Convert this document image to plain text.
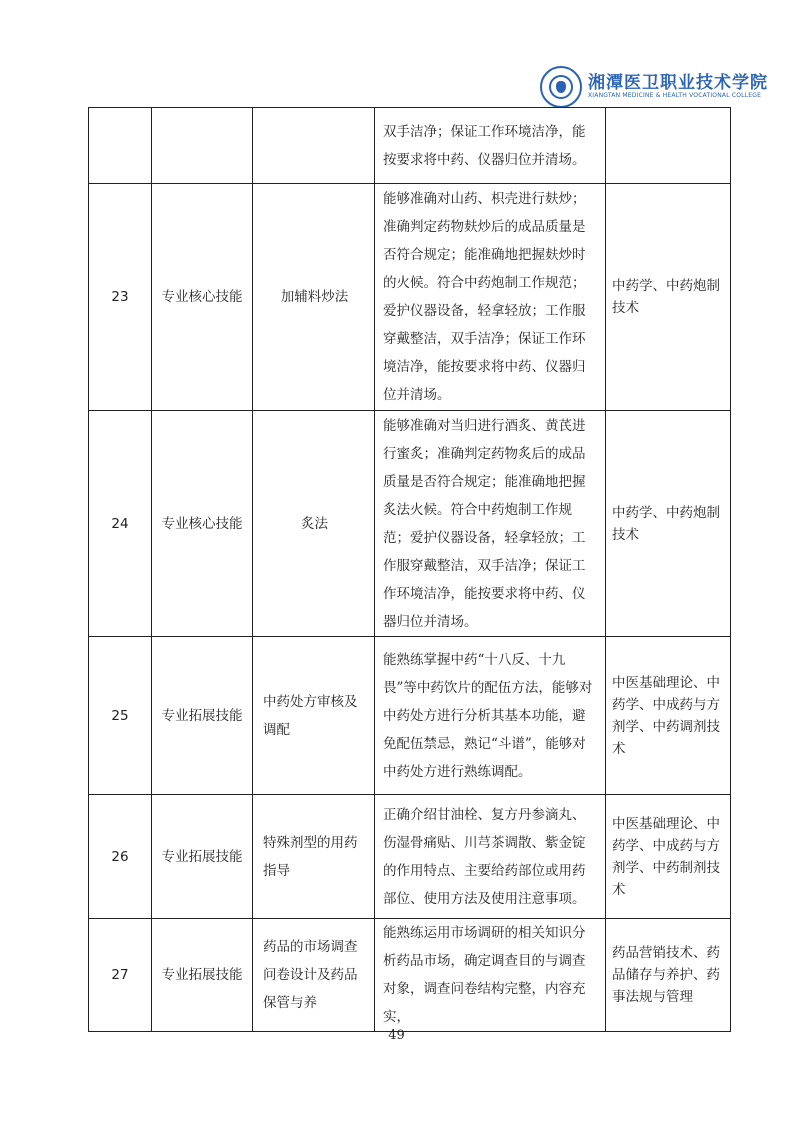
湘潭医卫职业技术学院
XIANGTAN MEDICINE & HEALTH VOCATIONAL COLLEGE
			双手洁净；保证工作环境洁净，能按要求将中药、仪器归位并清场。	
23	专业核心技能	加辅料炒法	能够准确对山药、枳壳进行麸炒；准确判定药物麸炒后的成品质量是否符合规定；能准确地把握麸炒时的火候。符合中药炮制工作规范；爱护仪器设备，轻拿轻放；工作服穿戴整洁，双手洁净；保证工作环境洁净，能按要求将中药、仪器归位并清场。	中药学、中药炮制技术
24	专业核心技能	炙法	能够准确对当归进行酒炙、黄芪进行蜜炙；准确判定药物炙后的成品质量是否符合规定；能准确地把握炙法火候。符合中药炮制工作规范；爱护仪器设备，轻拿轻放；工作服穿戴整洁，双手洁净；保证工作环境洁净，能按要求将中药、仪器归位并清场。	中药学、中药炮制技术
25	专业拓展技能	中药处方审核及调配	能熟练掌握中药“十八反、十九畏”等中药饮片的配伍方法，能够对中药处方进行分析其基本功能，避免配伍禁忌，熟记“斗谱”，能够对中药处方进行熟练调配。	中医基础理论、中药学、中成药与方剂学、中药调剂技术
26	专业拓展技能	特殊剂型的用药指导	正确介绍甘油栓、复方丹参滴丸、伤湿骨痛贴、川芎茶调散、紫金锭的作用特点、主要给药部位或用药部位、使用方法及使用注意事项。	中医基础理论、中药学、中成药与方剂学、中药制剂技术
27	专业拓展技能	药品的市场调查问卷设计及药品保管与养	能熟练运用市场调研的相关知识分析药品市场，确定调查目的与调查对象，调查问卷结构完整，内容充实，	药品营销技术、药品储存与养护、药事法规与管理
49
